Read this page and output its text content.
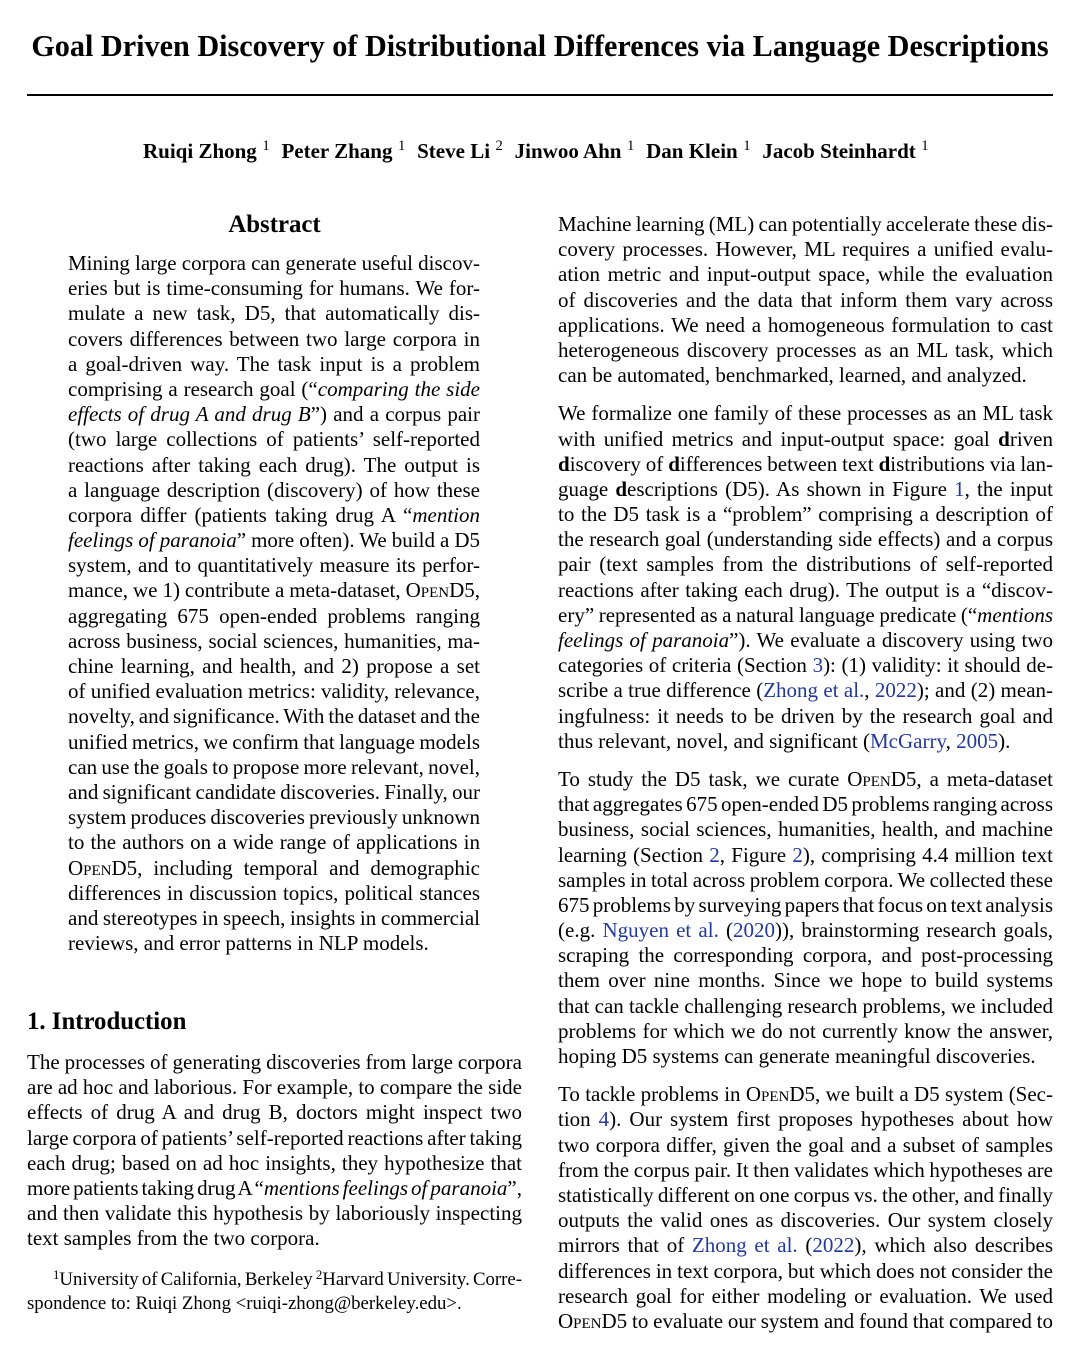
Goal Driven Discovery of Distributional Differences via Language Descriptions
Ruiqi Zhong $^1$ Peter Zhang $^1$ Steve Li $^2$ Jinwoo Ahn $^1$ Dan Klein $^1$ Jacob Steinhardt $^1$
Abstract
Mining large corpora can generate useful discov-
eries but is time-consuming for humans. We for-
mulate a new task, D5, that automatically dis-
covers differences between two large corpora in
a goal-driven way. The task input is a problem
comprising a research goal (“comparing the side
effects of drug A and drug B”) and a corpus pair
(two large collections of patients’ self-reported
reactions after taking each drug). The output is
a language description (discovery) of how these
corpora differ (patients taking drug A “mention
feelings of paranoia” more often). We build a D5
system, and to quantitatively measure its perfor-
mance, we 1) contribute a meta-dataset, OpenD5,
aggregating 675 open-ended problems ranging
across business, social sciences, humanities, ma-
chine learning, and health, and 2) propose a set
of unified evaluation metrics: validity, relevance,
novelty, and significance. With the dataset and the
unified metrics, we confirm that language models
can use the goals to propose more relevant, novel,
and significant candidate discoveries. Finally, our
system produces discoveries previously unknown
to the authors on a wide range of applications in
OpenD5, including temporal and demographic
differences in discussion topics, political stances
and stereotypes in speech, insights in commercial
reviews, and error patterns in NLP models.
1. Introduction
The processes of generating discoveries from large corpora
are ad hoc and laborious. For example, to compare the side
effects of drug A and drug B, doctors might inspect two
large corpora of patients’ self-reported reactions after taking
each drug; based on ad hoc insights, they hypothesize that
more patients taking drug A “mentions feelings of paranoia”,
and then validate this hypothesis by laboriously inspecting
text samples from the two corpora.
$^1$University of California, Berkeley $^2$Harvard University. Corre-
spondence to: Ruiqi Zhong <ruiqi-zhong@berkeley.edu>.
Machine learning (ML) can potentially accelerate these dis-
covery processes. However, ML requires a unified evalu-
ation metric and input-output space, while the evaluation
of discoveries and the data that inform them vary across
applications. We need a homogeneous formulation to cast
heterogeneous discovery processes as an ML task, which
can be automated, benchmarked, learned, and analyzed.
We formalize one family of these processes as an ML task
with unified metrics and input-output space: goal driven
discovery of differences between text distributions via lan-
guage descriptions (D5). As shown in Figure 1, the input
to the D5 task is a “problem” comprising a description of
the research goal (understanding side effects) and a corpus
pair (text samples from the distributions of self-reported
reactions after taking each drug). The output is a “discov-
ery” represented as a natural language predicate (“mentions
feelings of paranoia”). We evaluate a discovery using two
categories of criteria (Section 3): (1) validity: it should de-
scribe a true difference (Zhong et al., 2022); and (2) mean-
ingfulness: it needs to be driven by the research goal and
thus relevant, novel, and significant (McGarry, 2005).
To study the D5 task, we curate OpenD5, a meta-dataset
that aggregates 675 open-ended D5 problems ranging across
business, social sciences, humanities, health, and machine
learning (Section 2, Figure 2), comprising 4.4 million text
samples in total across problem corpora. We collected these
675 problems by surveying papers that focus on text analysis
(e.g. Nguyen et al. (2020)), brainstorming research goals,
scraping the corresponding corpora, and post-processing
them over nine months. Since we hope to build systems
that can tackle challenging research problems, we included
problems for which we do not currently know the answer,
hoping D5 systems can generate meaningful discoveries.
To tackle problems in OpenD5, we built a D5 system (Sec-
tion 4). Our system first proposes hypotheses about how
two corpora differ, given the goal and a subset of samples
from the corpus pair. It then validates which hypotheses are
statistically different on one corpus vs. the other, and finally
outputs the valid ones as discoveries. Our system closely
mirrors that of Zhong et al. (2022), which also describes
differences in text corpora, but which does not consider the
research goal for either modeling or evaluation. We used
OpenD5 to evaluate our system and found that compared to
